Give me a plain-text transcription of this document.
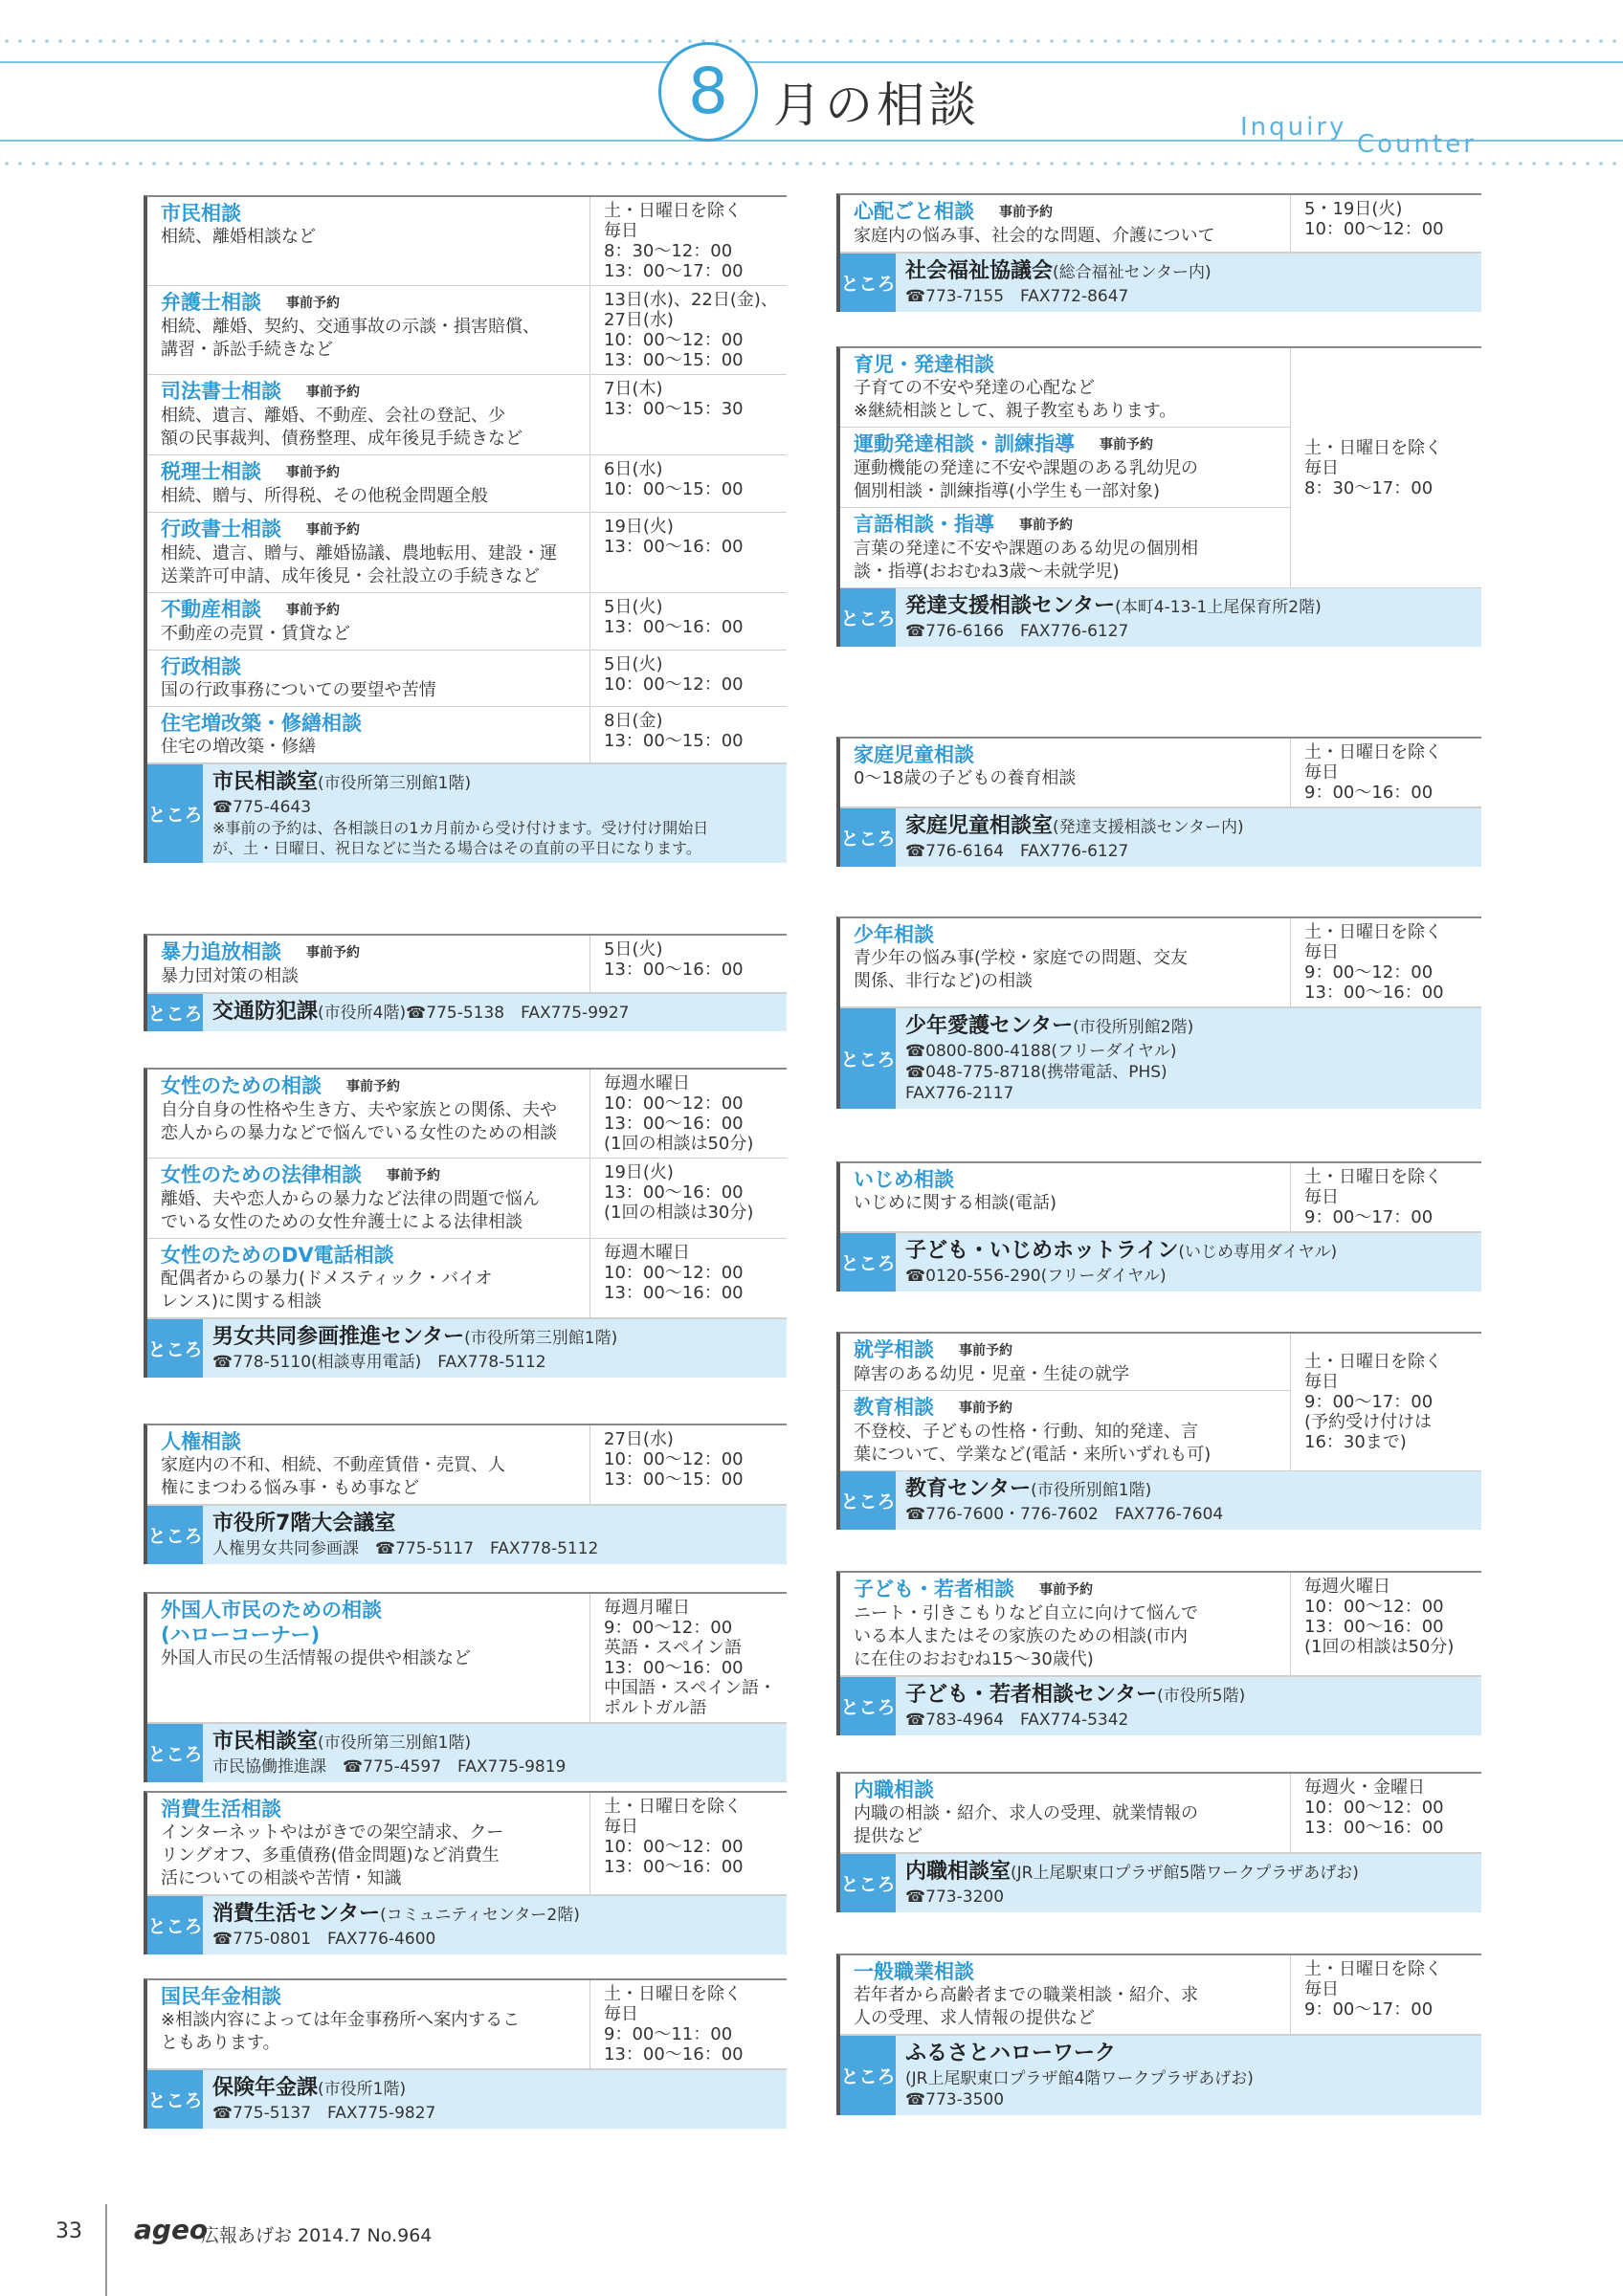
8 月の相談	Inquiry
Counter
市民相談
相続、離婚相談など
土・日曜日を除く
毎日
8：30～12：00
13：00～17：00
弁護士相談 事前予約
相続、離婚、契約、交通事故の示談・損害賠償、
講習・訴訟手続きなど
13日(水)、22日(金)、
27日(水)
10：00～12：00
13：00～15：00
司法書士相談 事前予約
相続、遺言、離婚、不動産、会社の登記、少
額の民事裁判、債務整理、成年後見手続きなど
7日(木)
13：00～15：30
税理士相談 事前予約
相続、贈与、所得税、その他税金問題全般
6日(水)
10：00～15：00
行政書士相談 事前予約
相続、遺言、贈与、離婚協議、農地転用、建設・運
送業許可申請、成年後見・会社設立の手続きなど
19日(火)
13：00～16：00
不動産相談 事前予約
不動産の売買・賃貸など
5日(火)
13：00～16：00
行政相談
国の行政事務についての要望や苦情
5日(火)
10：00～12：00
住宅増改築・修繕相談
住宅の増改築・修繕
8日(金)
13：00～15：00
ところ
市民相談室(市役所第三別館1階)
☎775-4643
※事前の予約は、各相談日の1カ月前から受け付けます。受け付け開始日
が、土・日曜日、祝日などに当たる場合はその直前の平日になります。
暴力追放相談 事前予約
暴力団対策の相談
5日(火)
13：00～16：00
ところ 交通防犯課(市役所4階)☎775-5138　FAX775-9927
女性のための相談 事前予約
自分自身の性格や生き方、夫や家族との関係、夫や
恋人からの暴力などで悩んでいる女性のための相談
毎週水曜日
10：00～12：00
13：00～16：00
(1回の相談は50分)
女性のための法律相談 事前予約
離婚、夫や恋人からの暴力など法律の問題で悩ん
でいる女性のための女性弁護士による法律相談
19日(火)
13：00～16：00
(1回の相談は30分)
女性のためのDV電話相談
配偶者からの暴力(ドメスティック・バイオ
レンス)に関する相談
毎週木曜日
10：00～12：00
13：00～16：00
ところ
男女共同参画推進センター(市役所第三別館1階)
☎778-5110(相談専用電話)　FAX778-5112
人権相談
家庭内の不和、相続、不動産賃借・売買、人
権にまつわる悩み事・もめ事など
27日(水)
10：00～12：00
13：00～15：00
ところ
市役所7階大会議室
人権男女共同参画課　☎775-5117　FAX778-5112
外国人市民のための相談
(ハローコーナー)
外国人市民の生活情報の提供や相談など
毎週月曜日
9：00～12：00
英語・スペイン語
13：00～16：00
中国語・スペイン語・
ポルトガル語
ところ
市民相談室(市役所第三別館1階)
市民協働推進課　☎775-4597　FAX775-9819
消費生活相談
インターネットやはがきでの架空請求、クー
リングオフ、多重債務(借金問題)など消費生
活についての相談や苦情・知識
土・日曜日を除く
毎日
10：00～12：00
13：00～16：00
ところ
消費生活センター(コミュニティセンター2階)
☎775-0801　FAX776-4600
国民年金相談
※相談内容によっては年金事務所へ案内するこ
ともあります。
土・日曜日を除く
毎日
9：00～11：00
13：00～16：00
ところ
保険年金課(市役所1階)
☎775-5137　FAX775-9827
心配ごと相談 事前予約
家庭内の悩み事、社会的な問題、介護について
5・19日(火)
10：00～12：00
ところ
社会福祉協議会(総合福祉センター内)
☎773-7155　FAX772-8647
育児・発達相談
子育ての不安や発達の心配など
※継続相談として、親子教室もあります。
運動発達相談・訓練指導 事前予約
運動機能の発達に不安や課題のある乳幼児の
個別相談・訓練指導(小学生も一部対象)
言語相談・指導 事前予約
言葉の発達に不安や課題のある幼児の個別相
談・指導(おおむね3歳～未就学児)
土・日曜日を除く
毎日
8：30～17：00
ところ
発達支援相談センター(本町4-13-1上尾保育所2階)
☎776-6166　FAX776-6127
家庭児童相談
0～18歳の子どもの養育相談
土・日曜日を除く
毎日
9：00～16：00
ところ
家庭児童相談室(発達支援相談センター内)
☎776-6164　FAX776-6127
少年相談
青少年の悩み事(学校・家庭での問題、交友
関係、非行など)の相談
土・日曜日を除く
毎日
9：00～12：00
13：00～16：00
ところ
少年愛護センター(市役所別館2階)
☎0800-800-4188(フリーダイヤル)
☎048-775-8718(携帯電話、PHS)
FAX776-2117
いじめ相談
いじめに関する相談(電話)
土・日曜日を除く
毎日
9：00～17：00
ところ
子ども・いじめホットライン(いじめ専用ダイヤル)
☎0120-556-290(フリーダイヤル)
就学相談 事前予約
障害のある幼児・児童・生徒の就学
教育相談 事前予約
不登校、子どもの性格・行動、知的発達、言
葉について、学業など(電話・来所いずれも可)
土・日曜日を除く
毎日
9：00～17：00
(予約受け付けは
16：30まで)
ところ
教育センター(市役所別館1階)
☎776-7600・776-7602　FAX776-7604
子ども・若者相談 事前予約
ニート・引きこもりなど自立に向けて悩んで
いる本人またはその家族のための相談(市内
に在住のおおむね15～30歳代)
毎週火曜日
10：00～12：00
13：00～16：00
(1回の相談は50分)
ところ
子ども・若者相談センター(市役所5階)
☎783-4964　FAX774-5342
内職相談
内職の相談・紹介、求人の受理、就業情報の
提供など
毎週火・金曜日
10：00～12：00
13：00～16：00
ところ
内職相談室(JR上尾駅東口プラザ館5階ワークプラザあげお)
☎773-3200
一般職業相談
若年者から高齢者までの職業相談・紹介、求
人の受理、求人情報の提供など
土・日曜日を除く
毎日
9：00～17：00
ところ
ふるさとハローワーク
(JR上尾駅東口プラザ館4階ワークプラザあげお)
☎773-3500
33 ageo
広報あげお 2014.7 No.964
